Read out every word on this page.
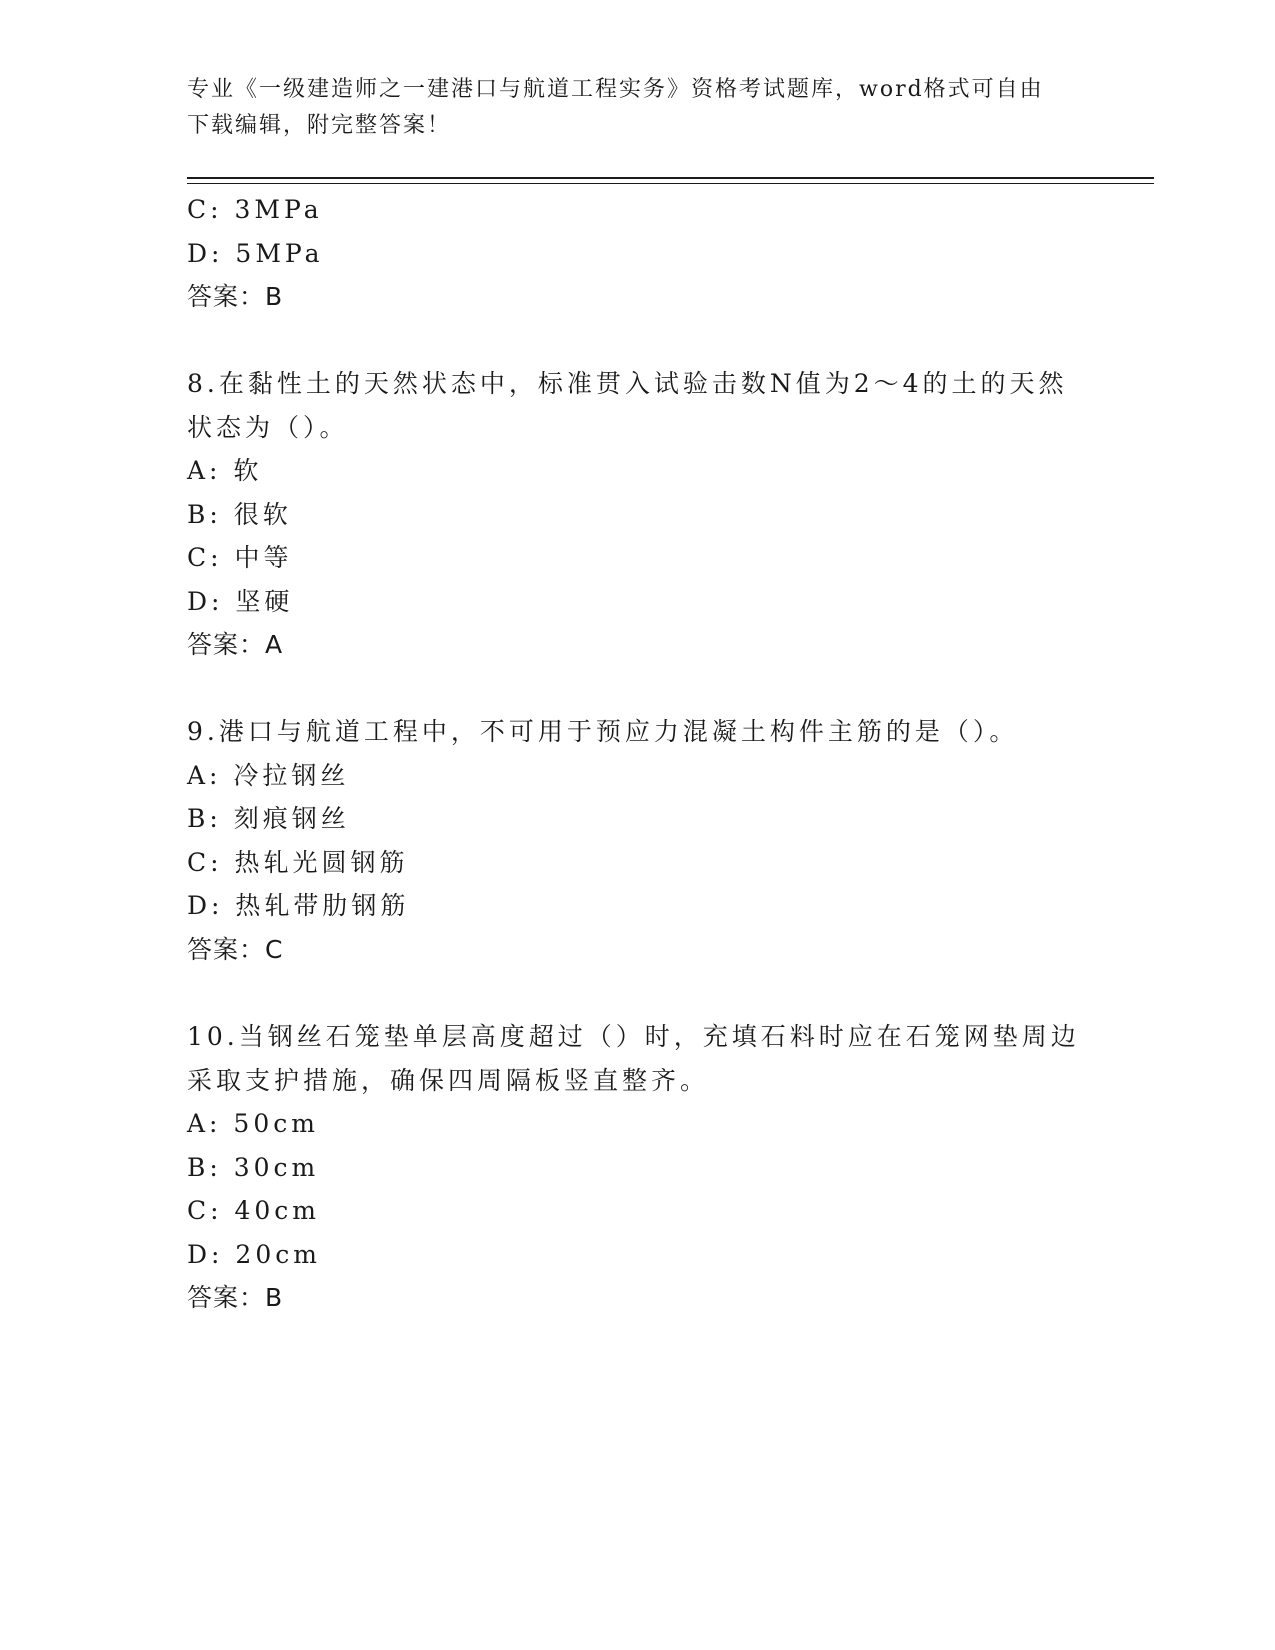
专业《一级建造师之一建港口与航道工程实务》资格考试题库，word格式可自由
下载编辑，附完整答案！
C: 3MPa
D: 5MPa
答案：B
8.在黏性土的天然状态中，标准贯入试验击数N值为2～4的土的天然
状态为（）。
A: 软
B: 很软
C: 中等
D: 坚硬
答案：A
9.港口与航道工程中，不可用于预应力混凝土构件主筋的是（）。
A: 冷拉钢丝
B: 刻痕钢丝
C: 热轧光圆钢筋
D: 热轧带肋钢筋
答案：C
10.当钢丝石笼垫单层高度超过（）时，充填石料时应在石笼网垫周边
采取支护措施，确保四周隔板竖直整齐。
A: 50cm
B: 30cm
C: 40cm
D: 20cm
答案：B
